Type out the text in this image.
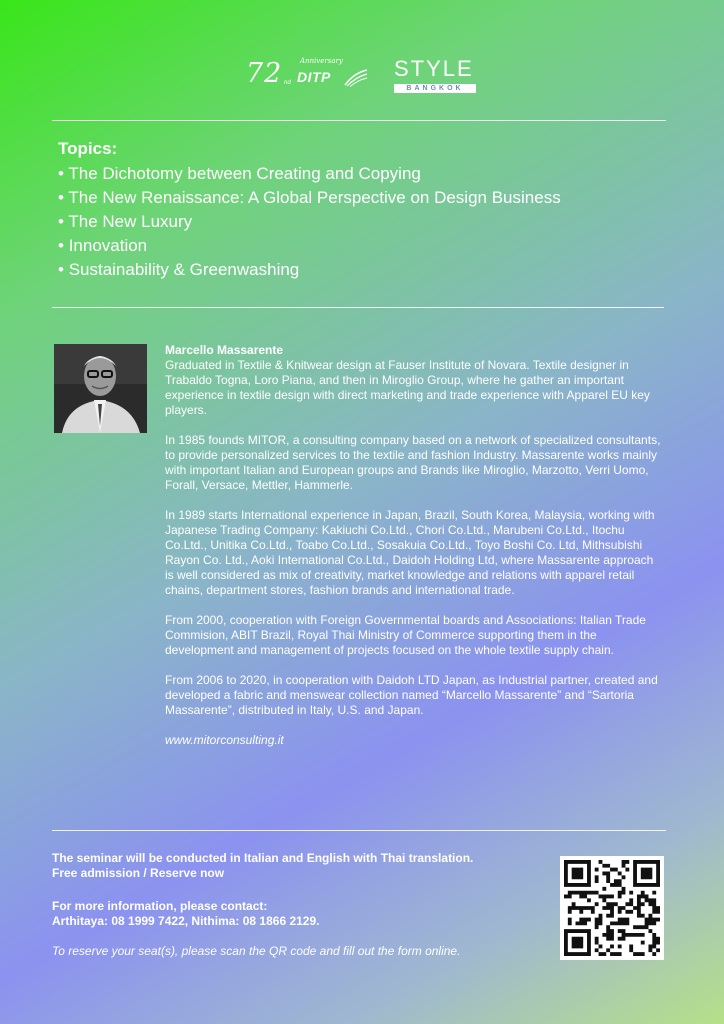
72	Anniversary
nd DITP	STYLE
BANGKOK
Topics:
• The Dichotomy between Creating and Copying
• The New Renaissance: A Global Perspective on Design Business
• The New Luxury
• Innovation
• Sustainability & Greenwashing
Marcello Massarente

Graduated in Textile & Knitwear design at Fauser Institute of Novara. Textile designer in Trabaldo Togna, Loro Piana, and then in Miroglio Group, where he gather an important experience in textile design with direct marketing and trade experience with Apparel EU key players.

In 1985 founds MITOR, a consulting company based on a network of specialized consultants, to provide personalized services to the textile and fashion Industry. Massarente works mainly with important Italian and European groups and Brands like Miroglio, Marzotto, Verri Uomo, Forall, Versace, Mettler, Hammerle.

In 1989 starts International experience in Japan, Brazil, South Korea, Malaysia, working with Japanese Trading Company: Kakiuchi Co.Ltd., Chori Co.Ltd., Marubeni Co.Ltd., Itochu Co.Ltd., Unitika Co.Ltd., Toabo Co.Ltd., Sosakuia Co.Ltd., Toyo Boshi Co. Ltd, Mithsubishi Rayon Co. Ltd., Aoki International Co.Ltd., Daidoh Holding Ltd, where Massarente approach is well considered as mix of creativity, market knowledge and relations with apparel retail chains, department stores, fashion brands and international trade.

From 2000, cooperation with Foreign Governmental boards and Associations: Italian Trade Commision, ABIT Brazil, Royal Thai Ministry of Commerce supporting them in the development and management of projects focused on the whole textile supply chain.

From 2006 to 2020, in cooperation with Daidoh LTD Japan, as Industrial partner, created and developed a fabric and menswear collection named “Marcello Massarente” and “Sartoria Massarente”, distributed in Italy, U.S. and Japan.

www.mitorconsulting.it

The seminar will be conducted in Italian and English with Thai translation.

Free admission / Reserve now

For more information, please contact:

Arthitaya: 08 1999 7422, Nithima: 08 1866 2129.

To reserve your seat(s), please scan the QR code and fill out the form online.
